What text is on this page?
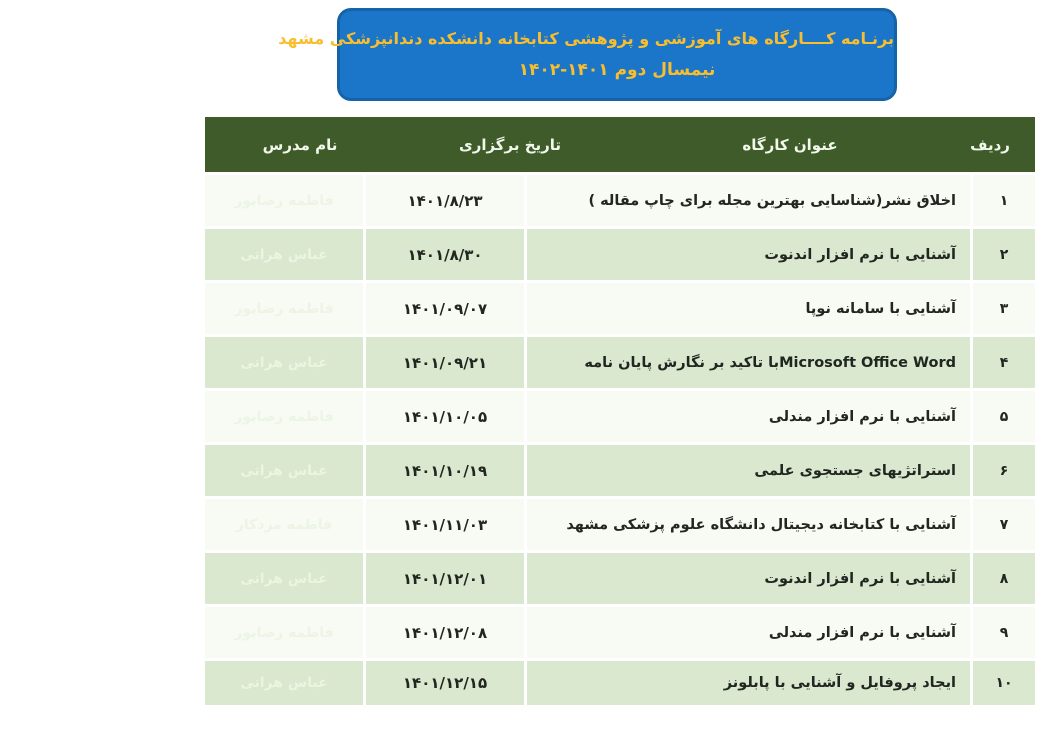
برنـامه کــــارگاه های آموزشی و پژوهشی کتابخانه دانشکده دندانپزشکی مشهد
نیمسال دوم ۱۴۰۱-۱۴۰۲
ردیف
عنوان کارگاه
تاریخ برگزاری
نام مدرس
۱
اخلاق نشر(شناسایی بهترین مجله برای چاپ مقاله )
۱۴۰۱/۸/۲۳
فاطمه رضاپور
۲
آشنایی با نرم افزار اندنوت
۱۴۰۱/۸/۳۰
عباس هراتی
۳
آشنایی با سامانه نوپا
۱۴۰۱/۰۹/۰۷
فاطمه رضاپور
۴
Microsoft Office Wordبا تاکید بر نگارش پایان نامه
۱۴۰۱/۰۹/۲۱
عباس هراتی
۵
آشنایی با نرم افزار مندلی
۱۴۰۱/۱۰/۰۵
فاطمه رضاپور
۶
استراتژیهای جستجوی علمی
۱۴۰۱/۱۰/۱۹
عباس هراتی
۷
آشنایی با کتابخانه دیجیتال دانشگاه علوم پزشکی مشهد
۱۴۰۱/۱۱/۰۳
فاطمه مزدکار
۸
آشنایی با نرم افزار اندنوت
۱۴۰۱/۱۲/۰۱
عباس هراتی
۹
آشنایی با نرم افزار مندلی
۱۴۰۱/۱۲/۰۸
فاطمه رضاپور
۱۰
ایجاد پروفایل و آشنایی با پابلونز
۱۴۰۱/۱۲/۱۵
عباس هراتی
